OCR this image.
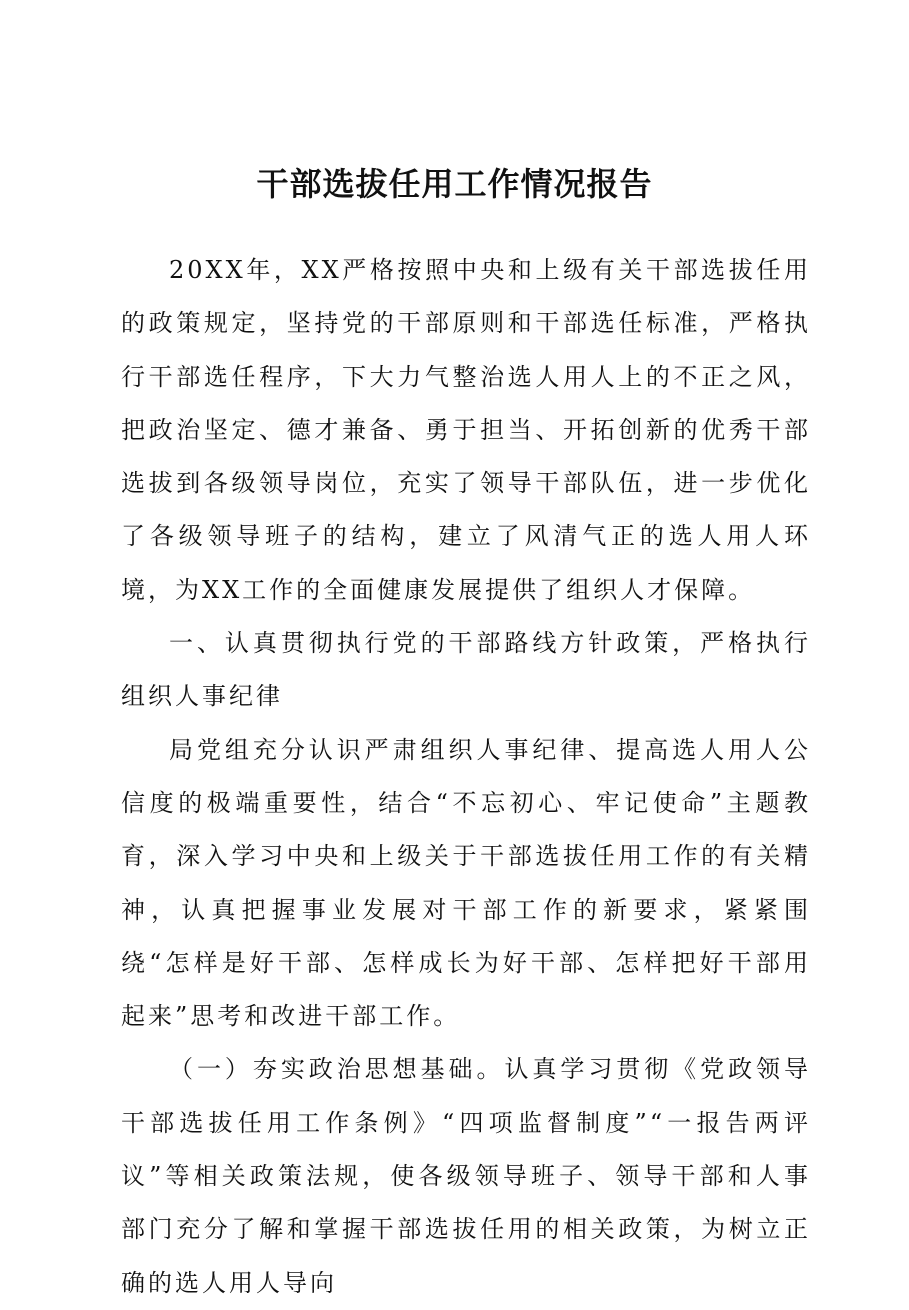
干部选拔任用工作情况报告

20XX年，XX严格按照中央和上级有关干部选拔任用的政策规定，坚持党的干部原则和干部选任标准，严格执行干部选任程序，下大力气整治选人用人上的不正之风，把政治坚定、德才兼备、勇于担当、开拓创新的优秀干部选拔到各级领导岗位，充实了领导干部队伍，进一步优化了各级领导班子的结构，建立了风清气正的选人用人环境，为XX工作的全面健康发展提供了组织人才保障。

一、认真贯彻执行党的干部路线方针政策，严格执行组织人事纪律

局党组充分认识严肃组织人事纪律、提高选人用人公信度的极端重要性，结合“不忘初心、牢记使命”主题教育，深入学习中央和上级关于干部选拔任用工作的有关精神，认真把握事业发展对干部工作的新要求，紧紧围绕“怎样是好干部、怎样成长为好干部、怎样把好干部用起来”思考和改进干部工作。

（一）夯实政治思想基础。认真学习贯彻《党政领导干部选拔任用工作条例》“四项监督制度”“一报告两评议”等相关政策法规，使各级领导班子、领导干部和人事部门充分了解和掌握干部选拔任用的相关政策，为树立正确的选人用人导向
